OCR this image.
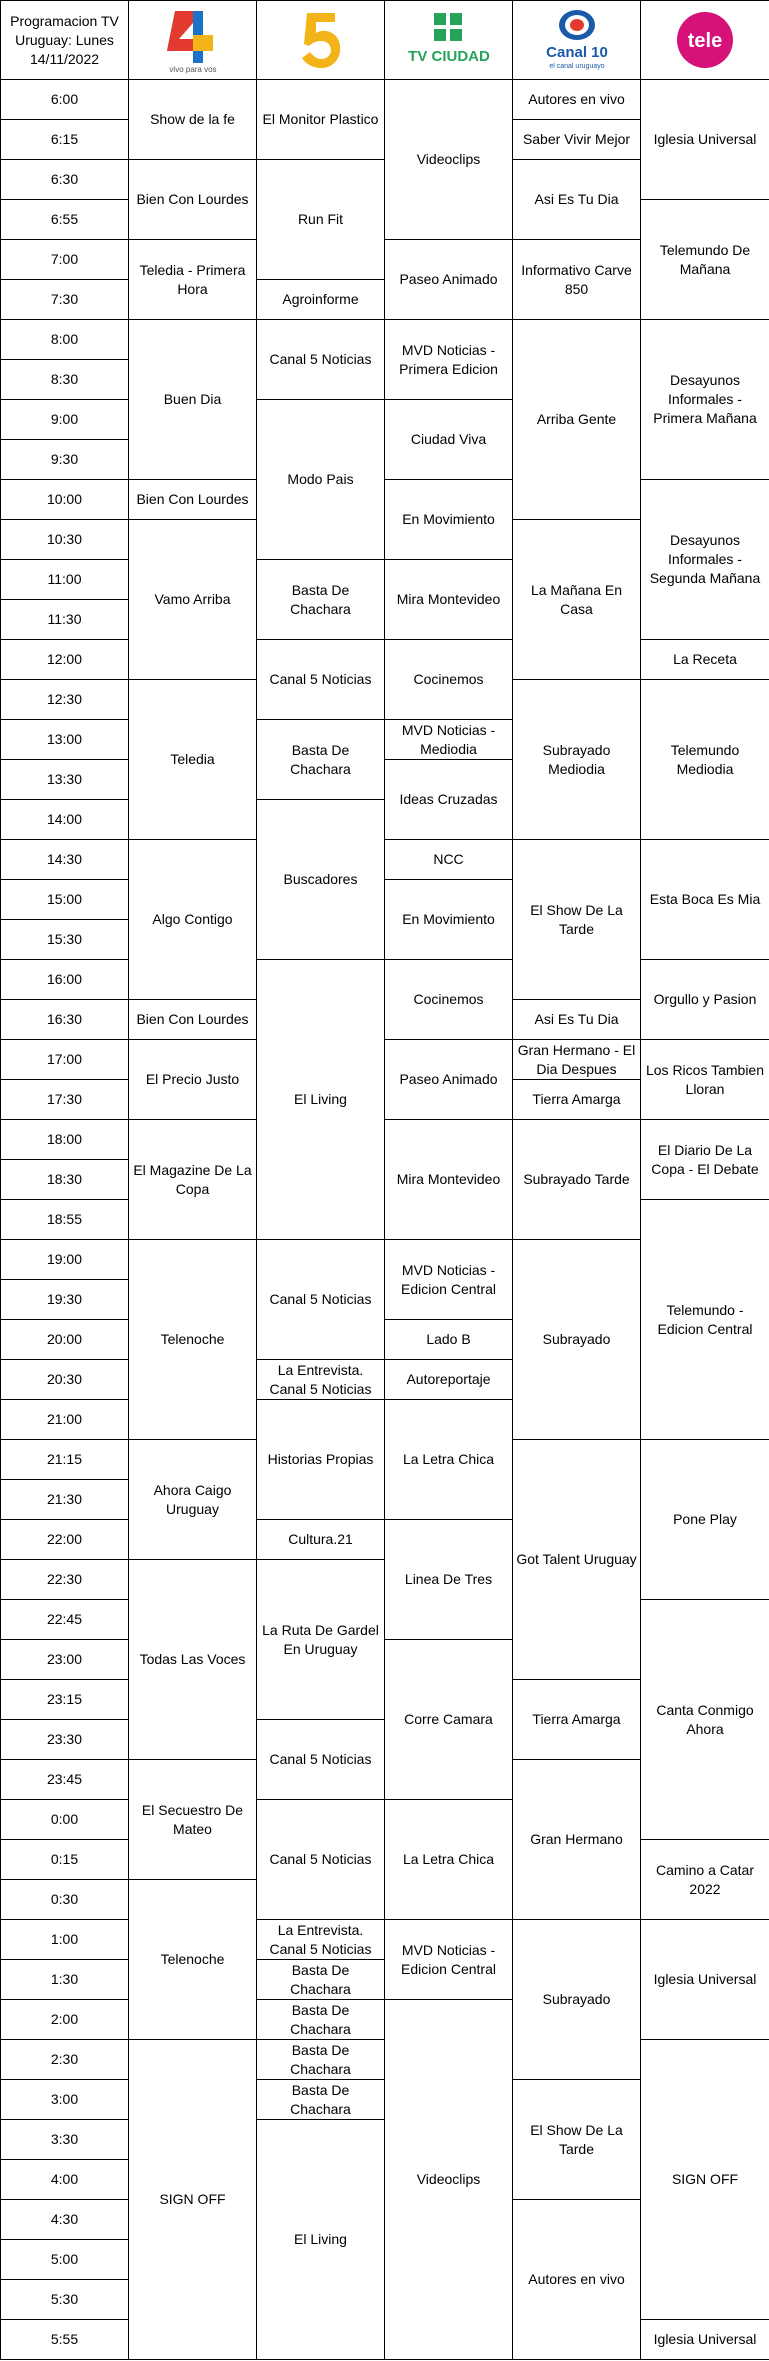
Programacion TV Uruguay: Lunes 14/11/2022	vivo para vos		TV CIUDAD	Canal 10
el canal uruguayo	tele

6:00	Show de la fe	El Monitor Plastico	Videoclips	Autores en vivo	Iglesia Universal
6:15				Saber Vivir Mejor	
6:30	Bien Con Lourdes	Run Fit		Asi Es Tu Dia	
6:55					Telemundo De Mañana
7:00	Teledia - Primera Hora		Paseo Animado	Informativo Carve 850	
7:30		Agroinforme			
8:00	Buen Dia	Canal 5 Noticias	MVD Noticias - Primera Edicion	Arriba Gente	Desayunos Informales - Primera Mañana
8:30					
9:00		Modo Pais	Ciudad Viva		
9:30					
10:00	Bien Con Lourdes		En Movimiento		Desayunos Informales - Segunda Mañana
10:30	Vamo Arriba			La Mañana En Casa	
11:00		Basta De Chachara	Mira Montevideo		
11:30					
12:00		Canal 5 Noticias	Cocinemos		La Receta
12:30	Teledia			Subrayado Mediodia	Telemundo Mediodia
13:00		Basta De Chachara	MVD Noticias - Mediodia		
13:30			Ideas Cruzadas		
14:00		Buscadores			
14:30	Algo Contigo		NCC	El Show De La Tarde	Esta Boca Es Mia
15:00			En Movimiento		
15:30					
16:00		El Living	Cocinemos		Orgullo y Pasion
16:30	Bien Con Lourdes			Asi Es Tu Dia	
17:00	El Precio Justo		Paseo Animado	Gran Hermano - El Dia Despues	Los Ricos Tambien Lloran
17:30				Tierra Amarga	
18:00	El Magazine De La Copa		Mira Montevideo	Subrayado Tarde	El Diario De La Copa - El Debate
18:30					
18:55					Telemundo - Edicion Central
19:00	Telenoche	Canal 5 Noticias	MVD Noticias - Edicion Central	Subrayado	
19:30					
20:00			Lado B		
20:30		La Entrevista. Canal 5 Noticias	Autoreportaje		
21:00		Historias Propias	La Letra Chica		
21:15	Ahora Caigo Uruguay			Got Talent Uruguay	Pone Play
21:30					
22:00		Cultura.21	Linea De Tres		
22:30	Todas Las Voces	La Ruta De Gardel En Uruguay			
22:45					Canta Conmigo Ahora
23:00			Corre Camara		
23:15				Tierra Amarga	
23:30		Canal 5 Noticias			
23:45	El Secuestro De Mateo			Gran Hermano	
0:00		Canal 5 Noticias	La Letra Chica		
0:15					Camino a Catar 2022
0:30	Telenoche				
1:00		La Entrevista. Canal 5 Noticias	MVD Noticias - Edicion Central	Subrayado	Iglesia Universal
1:30		Basta De Chachara			
2:00		Basta De Chachara	Videoclips		
2:30	SIGN OFF	Basta De Chachara			SIGN OFF
3:00		Basta De Chachara		El Show De La Tarde	
3:30		El Living			
4:00					
4:30				Autores en vivo	
5:00					
5:30					
5:55					Iglesia Universal
